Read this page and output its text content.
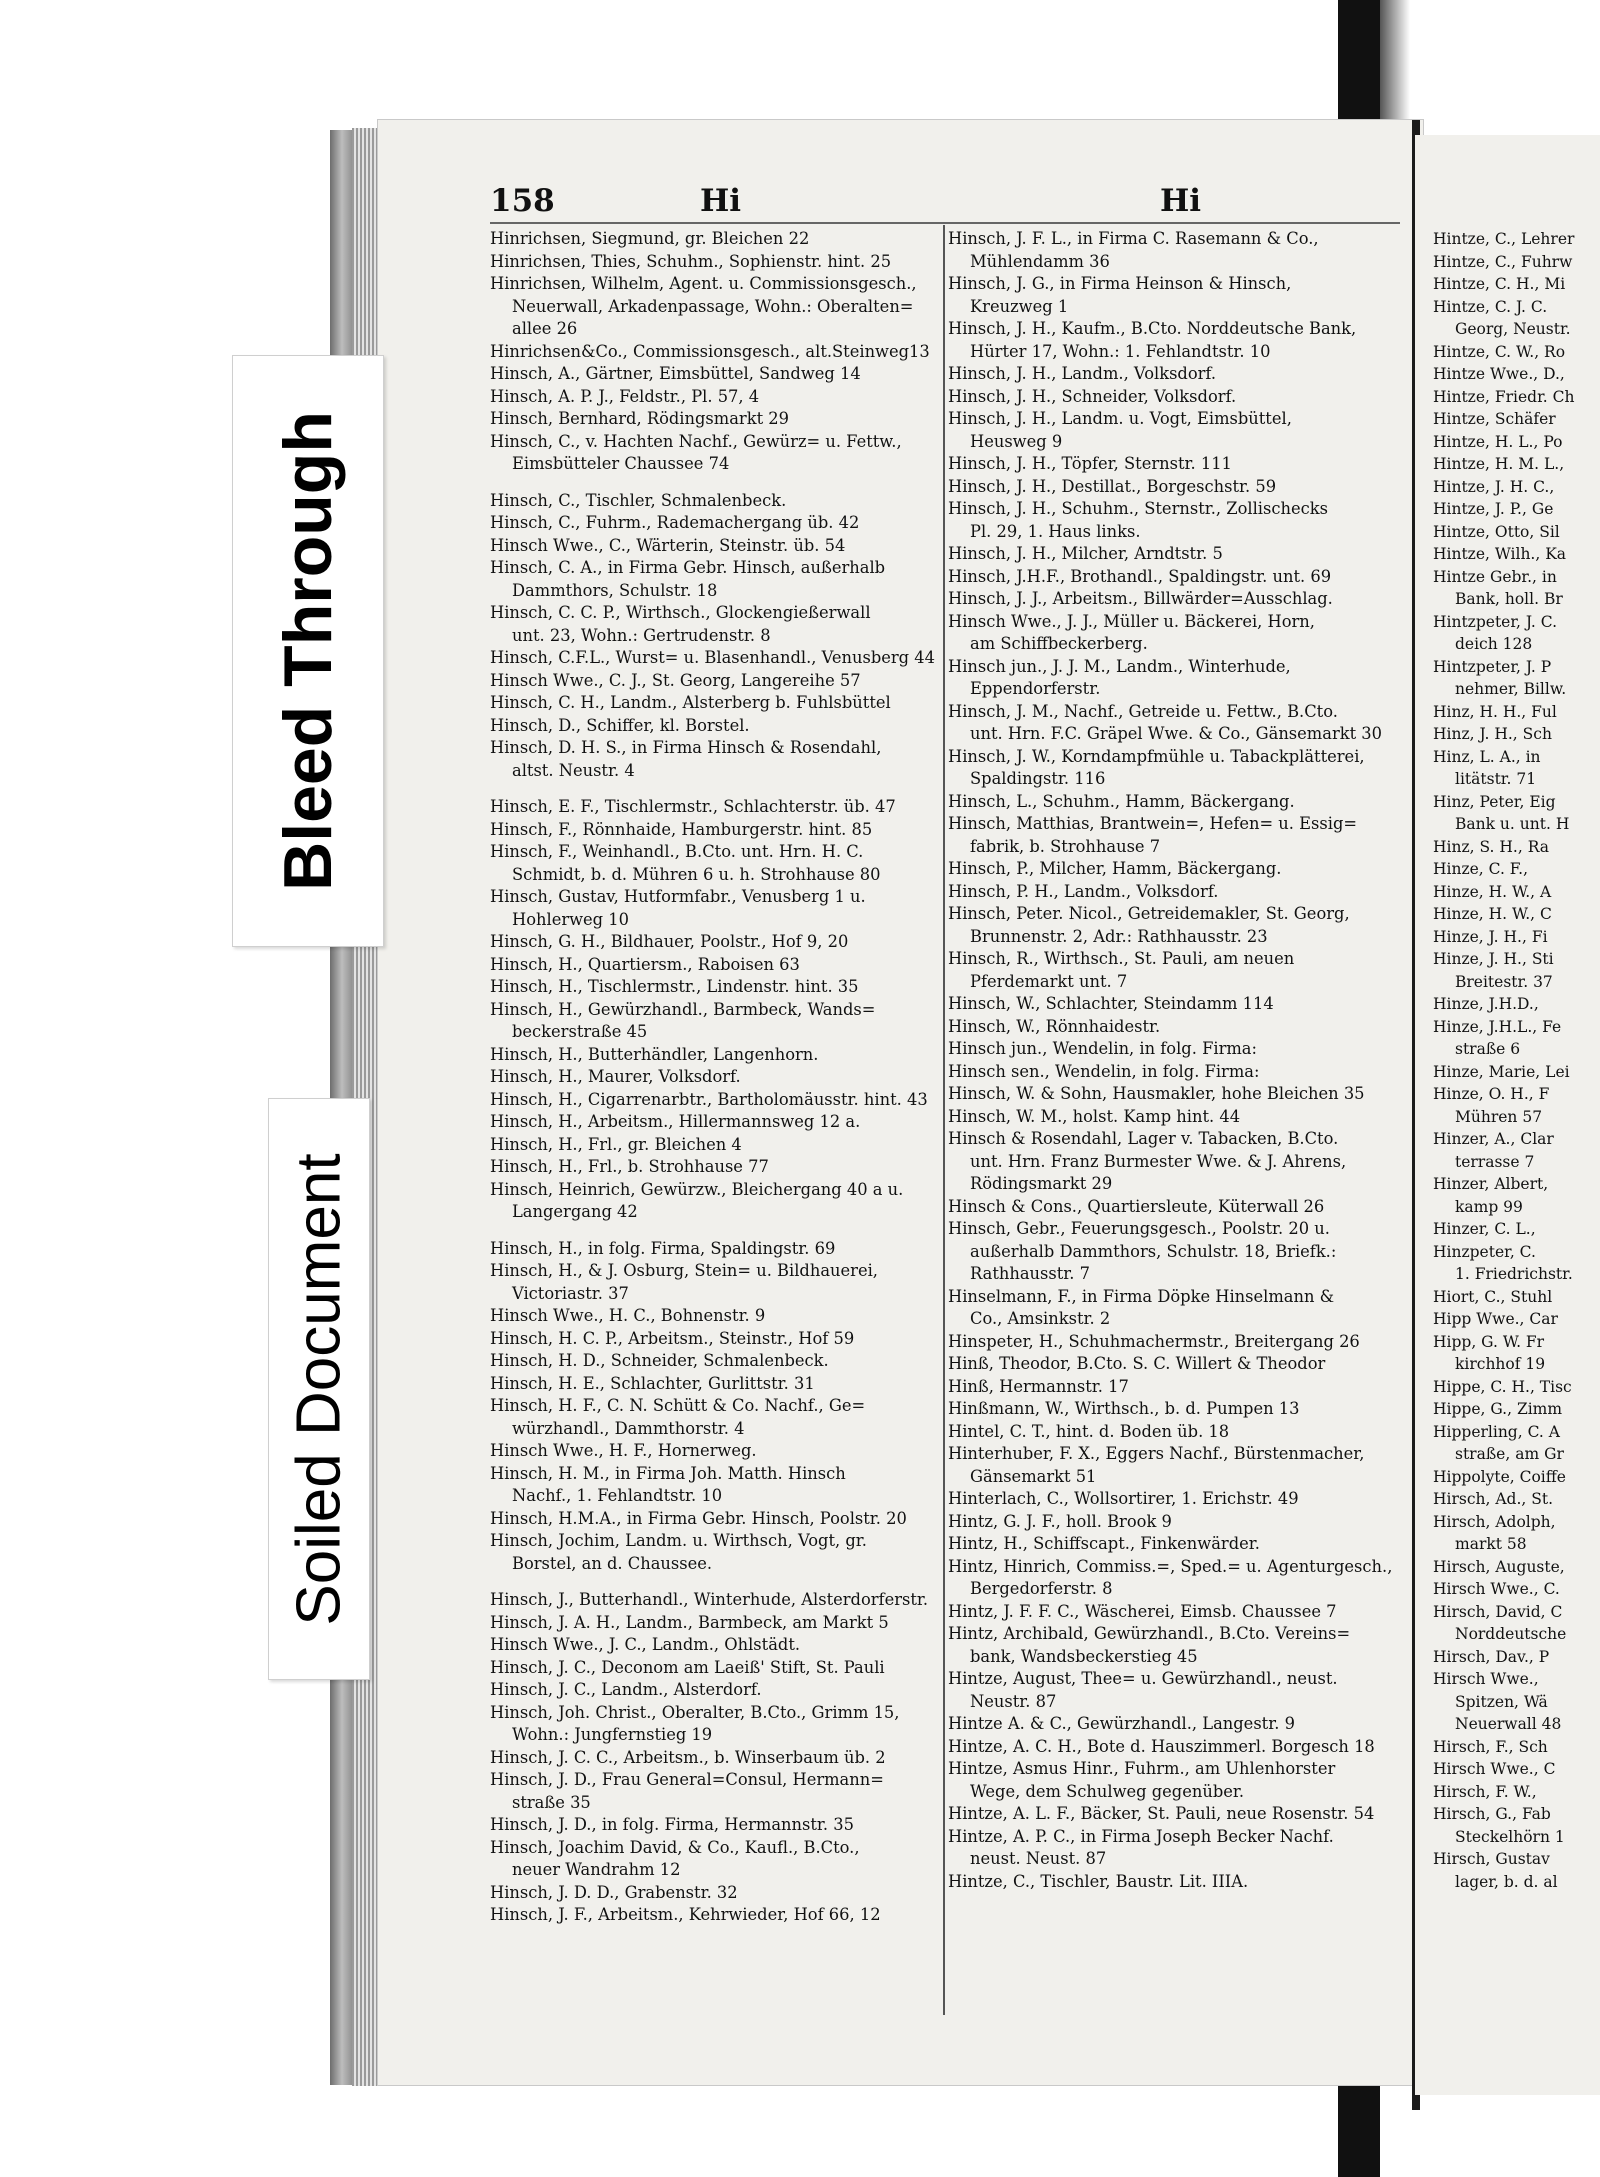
158	Hi	Hi

Hinrichsen, Siegmund, gr. Bleichen 22

Hinrichsen, Thies, Schuhm., Sophienstr. hint. 25

Hinrichsen, Wilhelm, Agent. u. Commissionsgesch.,

Neuerwall, Arkadenpassage, Wohn.: Oberalten=

allee 26

Hinrichsen&Co., Commissionsgesch., alt.Steinweg13

Hinsch, A., Gärtner, Eimsbüttel, Sandweg 14

Hinsch, A. P. J., Feldstr., Pl. 57, 4

Hinsch, Bernhard, Rödingsmarkt 29

Hinsch, C., v. Hachten Nachf., Gewürz= u. Fettw.,

Eimsbütteler Chaussee 74

Hinsch, C., Tischler, Schmalenbeck.

Hinsch, C., Fuhrm., Rademachergang üb. 42

Hinsch Wwe., C., Wärterin, Steinstr. üb. 54

Hinsch, C. A., in Firma Gebr. Hinsch, außerhalb

Dammthors, Schulstr. 18

Hinsch, C. C. P., Wirthsch., Glockengießerwall

unt. 23, Wohn.: Gertrudenstr. 8

Hinsch, C.F.L., Wurst= u. Blasenhandl., Venusberg 44

Hinsch Wwe., C. J., St. Georg, Langereihe 57

Hinsch, C. H., Landm., Alsterberg b. Fuhlsbüttel

Hinsch, D., Schiffer, kl. Borstel.

Hinsch, D. H. S., in Firma Hinsch & Rosendahl,

altst. Neustr. 4

Hinsch, E. F., Tischlermstr., Schlachterstr. üb. 47

Hinsch, F., Rönnhaide, Hamburgerstr. hint. 85

Hinsch, F., Weinhandl., B.Cto. unt. Hrn. H. C.

Schmidt, b. d. Mühren 6 u. h. Strohhause 80

Hinsch, Gustav, Hutformfabr., Venusberg 1 u.

Hohlerweg 10

Hinsch, G. H., Bildhauer, Poolstr., Hof 9, 20

Hinsch, H., Quartiersm., Raboisen 63

Hinsch, H., Tischlermstr., Lindenstr. hint. 35

Hinsch, H., Gewürzhandl., Barmbeck, Wands=

beckerstraße 45

Hinsch, H., Butterhändler, Langenhorn.

Hinsch, H., Maurer, Volksdorf.

Hinsch, H., Cigarrenarbtr., Bartholomäusstr. hint. 43

Hinsch, H., Arbeitsm., Hillermannsweg 12 a.

Hinsch, H., Frl., gr. Bleichen 4

Hinsch, H., Frl., b. Strohhause 77

Hinsch, Heinrich, Gewürzw., Bleichergang 40 a u.

Langergang 42

Hinsch, H., in folg. Firma, Spaldingstr. 69

Hinsch, H., & J. Osburg, Stein= u. Bildhauerei,

Victoriastr. 37

Hinsch Wwe., H. C., Bohnenstr. 9

Hinsch, H. C. P., Arbeitsm., Steinstr., Hof 59

Hinsch, H. D., Schneider, Schmalenbeck.

Hinsch, H. E., Schlachter, Gurlittstr. 31

Hinsch, H. F., C. N. Schütt & Co. Nachf., Ge=

würzhandl., Dammthorstr. 4

Hinsch Wwe., H. F., Hornerweg.

Hinsch, H. M., in Firma Joh. Matth. Hinsch

Nachf., 1. Fehlandtstr. 10

Hinsch, H.M.A., in Firma Gebr. Hinsch, Poolstr. 20

Hinsch, Jochim, Landm. u. Wirthsch, Vogt, gr.

Borstel, an d. Chaussee.

Hinsch, J., Butterhandl., Winterhude, Alsterdorferstr.

Hinsch, J. A. H., Landm., Barmbeck, am Markt 5

Hinsch Wwe., J. C., Landm., Ohlstädt.

Hinsch, J. C., Deconom am Laeiß' Stift, St. Pauli

Hinsch, J. C., Landm., Alsterdorf.

Hinsch, Joh. Christ., Oberalter, B.Cto., Grimm 15,

Wohn.: Jungfernstieg 19

Hinsch, J. C. C., Arbeitsm., b. Winserbaum üb. 2

Hinsch, J. D., Frau General=Consul, Hermann=

straße 35

Hinsch, J. D., in folg. Firma, Hermannstr. 35

Hinsch, Joachim David, & Co., Kaufl., B.Cto.,

neuer Wandrahm 12

Hinsch, J. D. D., Grabenstr. 32

Hinsch, J. F., Arbeitsm., Kehrwieder, Hof 66, 12

Hinsch, J. F. L., in Firma C. Rasemann & Co.,

Mühlendamm 36

Hinsch, J. G., in Firma Heinson & Hinsch,

Kreuzweg 1

Hinsch, J. H., Kaufm., B.Cto. Norddeutsche Bank,

Hürter 17, Wohn.: 1. Fehlandtstr. 10

Hinsch, J. H., Landm., Volksdorf.

Hinsch, J. H., Schneider, Volksdorf.

Hinsch, J. H., Landm. u. Vogt, Eimsbüttel,

Heusweg 9

Hinsch, J. H., Töpfer, Sternstr. 111

Hinsch, J. H., Destillat., Borgeschstr. 59

Hinsch, J. H., Schuhm., Sternstr., Zollischecks

Pl. 29, 1. Haus links.

Hinsch, J. H., Milcher, Arndtstr. 5

Hinsch, J.H.F., Brothandl., Spaldingstr. unt. 69

Hinsch, J. J., Arbeitsm., Billwärder=Ausschlag.

Hinsch Wwe., J. J., Müller u. Bäckerei, Horn,

am Schiffbeckerberg.

Hinsch jun., J. J. M., Landm., Winterhude,

Eppendorferstr.

Hinsch, J. M., Nachf., Getreide u. Fettw., B.Cto.

unt. Hrn. F.C. Gräpel Wwe. & Co., Gänsemarkt 30

Hinsch, J. W., Korndampfmühle u. Tabackplätterei,

Spaldingstr. 116

Hinsch, L., Schuhm., Hamm, Bäckergang.

Hinsch, Matthias, Brantwein=, Hefen= u. Essig=

fabrik, b. Strohhause 7

Hinsch, P., Milcher, Hamm, Bäckergang.

Hinsch, P. H., Landm., Volksdorf.

Hinsch, Peter. Nicol., Getreidemakler, St. Georg,

Brunnenstr. 2, Adr.: Rathhausstr. 23

Hinsch, R., Wirthsch., St. Pauli, am neuen

Pferdemarkt unt. 7

Hinsch, W., Schlachter, Steindamm 114

Hinsch, W., Rönnhaidestr.

Hinsch jun., Wendelin, in folg. Firma:

Hinsch sen., Wendelin, in folg. Firma:

Hinsch, W. & Sohn, Hausmakler, hohe Bleichen 35

Hinsch, W. M., holst. Kamp hint. 44

Hinsch & Rosendahl, Lager v. Tabacken, B.Cto.

unt. Hrn. Franz Burmester Wwe. & J. Ahrens,

Rödingsmarkt 29

Hinsch & Cons., Quartiersleute, Küterwall 26

Hinsch, Gebr., Feuerungsgesch., Poolstr. 20 u.

außerhalb Dammthors, Schulstr. 18, Briefk.:

Rathhausstr. 7

Hinselmann, F., in Firma Döpke Hinselmann &

Co., Amsinkstr. 2

Hinspeter, H., Schuhmachermstr., Breitergang 26

Hinß, Theodor, B.Cto. S. C. Willert & Theodor

Hinß, Hermannstr. 17

Hinßmann, W., Wirthsch., b. d. Pumpen 13

Hintel, C. T., hint. d. Boden üb. 18

Hinterhuber, F. X., Eggers Nachf., Bürstenmacher,

Gänsemarkt 51

Hinterlach, C., Wollsortirer, 1. Erichstr. 49

Hintz, G. J. F., holl. Brook 9

Hintz, H., Schiffscapt., Finkenwärder.

Hintz, Hinrich, Commiss.=, Sped.= u. Agenturgesch.,

Bergedorferstr. 8

Hintz, J. F. F. C., Wäscherei, Eimsb. Chaussee 7

Hintz, Archibald, Gewürzhandl., B.Cto. Vereins=

bank, Wandsbeckerstieg 45

Hintze, August, Thee= u. Gewürzhandl., neust.

Neustr. 87

Hintze A. & C., Gewürzhandl., Langestr. 9

Hintze, A. C. H., Bote d. Hauszimmerl. Borgesch 18

Hintze, Asmus Hinr., Fuhrm., am Uhlenhorster

Wege, dem Schulweg gegenüber.

Hintze, A. L. F., Bäcker, St. Pauli, neue Rosenstr. 54

Hintze, A. P. C., in Firma Joseph Becker Nachf.

neust. Neust. 87

Hintze, C., Tischler, Baustr. Lit. IIIA.

Hintze, C., Lehrer

Hintze, C., Fuhrw

Hintze, C. H., Mi

Hintze, C. J. C.

Georg, Neustr.

Hintze, C. W., Ro

Hintze Wwe., D.,

Hintze, Friedr. Ch

Hintze, Schäfer

Hintze, H. L., Po

Hintze, H. M. L.,

Hintze, J. H. C.,

Hintze, J. P., Ge

Hintze, Otto, Sil

Hintze, Wilh., Ka

Hintze Gebr., in

Bank, holl. Br

Hintzpeter, J. C.

deich 128

Hintzpeter, J. P

nehmer, Billw.

Hinz, H. H., Ful

Hinz, J. H., Sch

Hinz, L. A., in

litätstr. 71

Hinz, Peter, Eig

Bank u. unt. H

Hinz, S. H., Ra

Hinze, C. F.,

Hinze, H. W., A

Hinze, H. W., C

Hinze, J. H., Fi

Hinze, J. H., Sti

Breitestr. 37

Hinze, J.H.D.,

Hinze, J.H.L., Fe

straße 6

Hinze, Marie, Lei

Hinze, O. H., F

Mühren 57

Hinzer, A., Clar

terrasse 7

Hinzer, Albert,

kamp 99

Hinzer, C. L.,

Hinzpeter, C.

1. Friedrichstr.

Hiort, C., Stuhl

Hipp Wwe., Car

Hipp, G. W. Fr

kirchhof 19

Hippe, C. H., Tisc

Hippe, G., Zimm

Hipperling, C. A

straße, am Gr

Hippolyte, Coiffe

Hirsch, Ad., St.

Hirsch, Adolph,

markt 58

Hirsch, Auguste,

Hirsch Wwe., C.

Hirsch, David, C

Norddeutsche

Hirsch, Dav., P

Hirsch Wwe.,

Spitzen, Wä

Neuerwall 48

Hirsch, F., Sch

Hirsch Wwe., C

Hirsch, F. W.,

Hirsch, G., Fab

Steckelhörn 1

Hirsch, Gustav

lager, b. d. al

Bleed Through
Soiled Document
